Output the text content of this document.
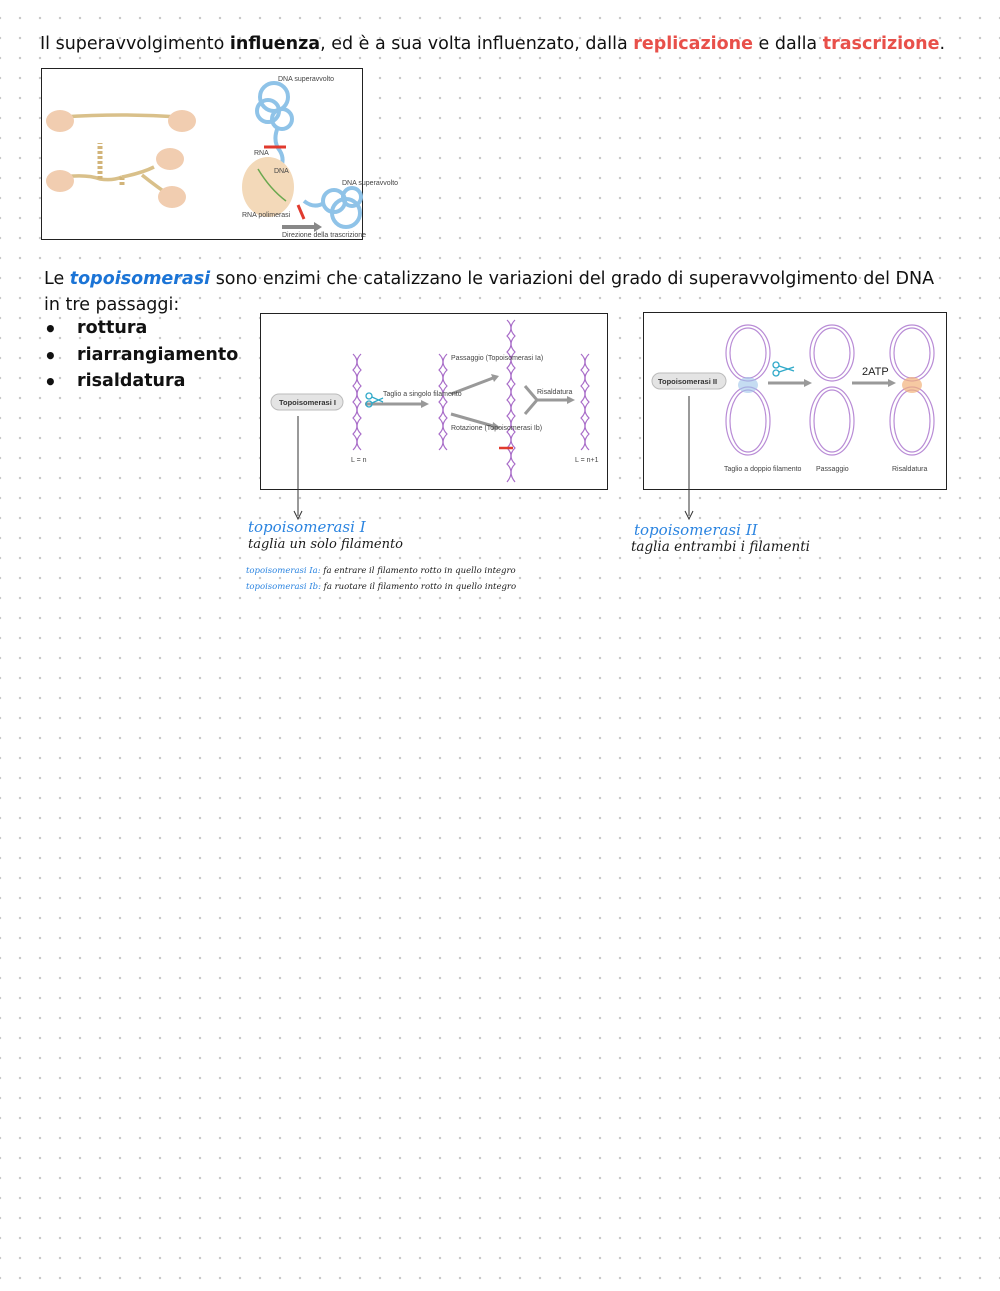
Il superavvolgimento influenza, ed è a sua volta influenzato, dalla replicazione e dalla trascrizione.
DNA superavvolto
RNA
DNA
DNA superavvolto
RNA polimerasi
Direzione della trascrizione
Le topoisomerasi sono enzimi che catalizzano le variazioni del grado di superavvolgimento del DNA in tre passaggi:
• rottura
• riarrangiamento
• risaldatura
Topoisomerasi I
Taglio a singolo filamento
Passaggio (Topoisomerasi Ia)
Rotazione (Topoisomerasi Ib)
Risaldatura
L = n	L = n+1
Topoisomerasi II
2ATP
Taglio a doppio filamento Passaggio	Risaldatura
topoisomerasi I
taglia un solo filamento
topoisomerasi Ia: fa entrare il filamento rotto in quello integro
topoisomerasi Ib: fa ruotare il filamento rotto in quello integro
topoisomerasi II
taglia entrambi i filamenti
